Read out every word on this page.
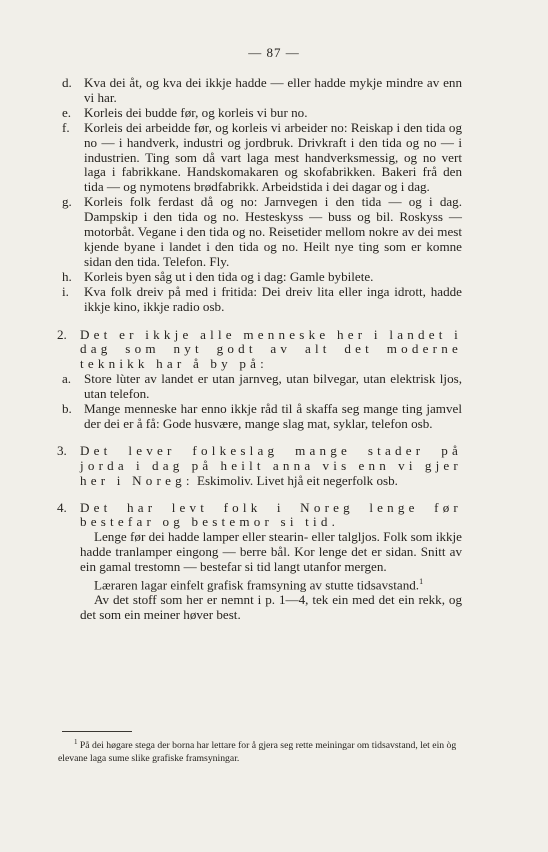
— 87 —
d. Kva dei åt, og kva dei ikkje hadde — eller hadde mykje mindre av enn vi har.
e. Korleis dei budde før, og korleis vi bur no.
f. Korleis dei arbeidde før, og korleis vi arbeider no: Reiskap i den tida og no — i handverk, industri og jordbruk. Drivkraft i den tida og no — i industrien. Ting som då vart laga mest handverksmessig, og no vert laga i fabrikkane. Handskomakaren og skofabrikken. Bakeri frå den tida — og nymotens brødfabrikk. Arbeidstida i dei dagar og i dag.
g. Korleis folk ferdast då og no: Jarnvegen i den tida — og i dag. Dampskip i den tida og no. Hesteskyss — buss og bil. Roskyss — motorbåt. Vegane i den tida og no. Reisetider mellom nokre av dei mest kjende byane i landet i den tida og no. Heilt nye ting som er komne sidan den tida. Telefon. Fly.
h. Korleis byen såg ut i den tida og i dag: Gamle bybilete.
i. Kva folk dreiv på med i fritida: Dei dreiv lita eller inga idrott, hadde ikkje kino, ikkje radio osb.
2. Det er ikkje alle menneske her i landet i dag som nyt godt av alt det moderne teknikk har å by på:
a. Store lùter av landet er utan jarnveg, utan bilvegar, utan elektrisk ljos, utan telefon.
b. Mange menneske har enno ikkje råd til å skaffa seg mange ting jamvel der dei er å få: Gode husvære, mange slag mat, syklar, telefon osb.
3. Det lever folkeslag mange stader på jorda i dag på heilt anna vis enn vi gjer her i Noreg: Eskimoliv. Livet hjå eit negerfolk osb.
4. Det har levt folk i Noreg lenge før bestefar og bestemor si tid.
Lenge før dei hadde lamper eller stearin- eller talgljos. Folk som ikkje hadde tranlamper eingong — berre bål. Kor lenge det er sidan. Snitt av ein gamal trestomn — bestefar si tid langt utanfor mergen.
Læraren lagar einfelt grafisk framsyning av stutte tidsavstand.$^1$
Av det stoff som her er nemnt i p. 1—4, tek ein med det ein rekk, og det som ein meiner høver best.
$^1$ På dei høgare stega der borna har lettare for å gjera seg rette meiningar om tidsavstand, let ein òg elevane laga sume slike grafiske framsyningar.
